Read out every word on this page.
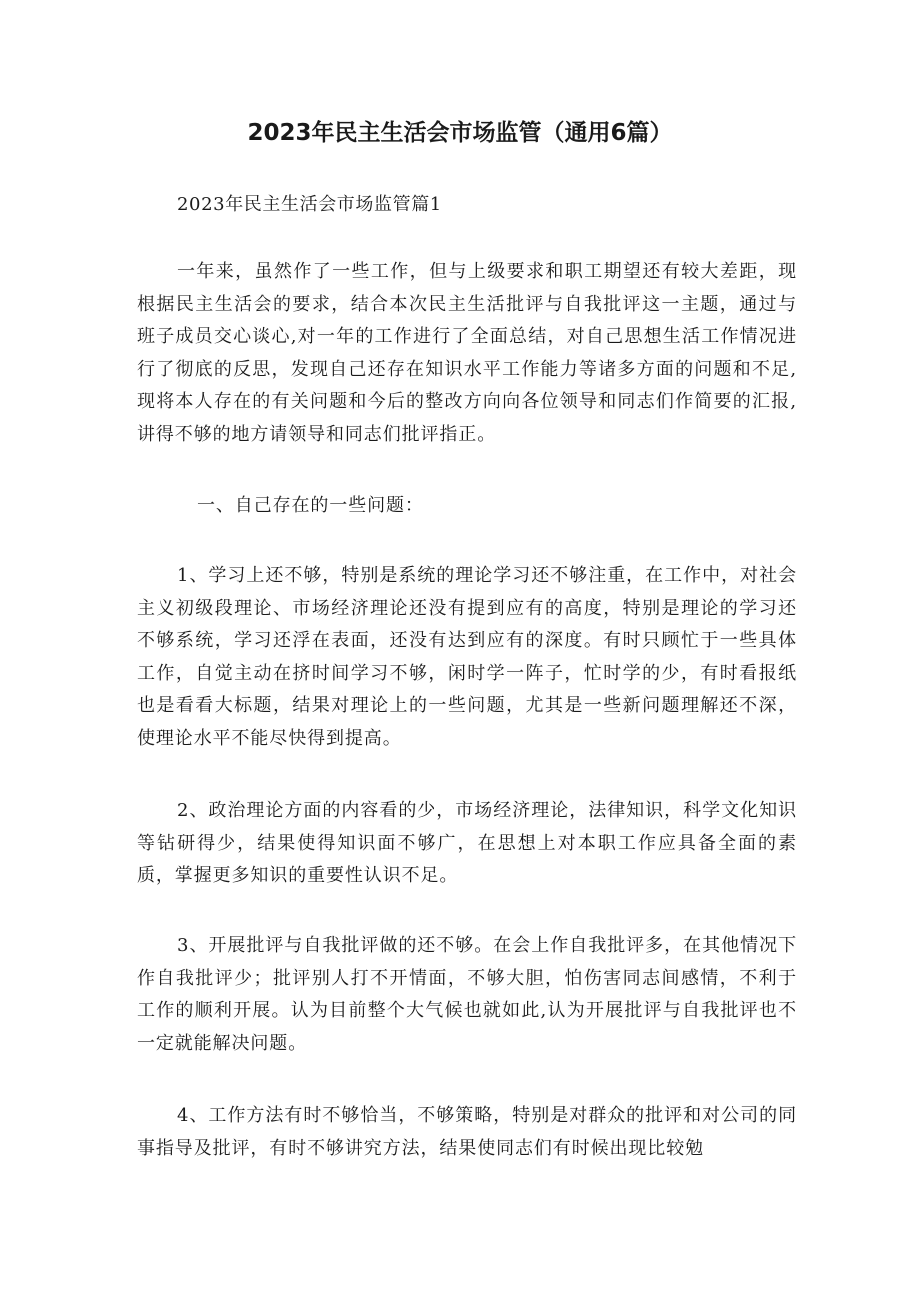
2023年民主生活会市场监管（通用6篇）

2023年民主生活会市场监管篇1

一年来，虽然作了一些工作，但与上级要求和职工期望还有较大差距，现根据民主生活会的要求，结合本次民主生活批评与自我批评这一主题，通过与班子成员交心谈心,对一年的工作进行了全面总结，对自己思想生活工作情况进行了彻底的反思，发现自己还存在知识水平工作能力等诸多方面的问题和不足,现将本人存在的有关问题和今后的整改方向向各位领导和同志们作简要的汇报,讲得不够的地方请领导和同志们批评指正。

一、自己存在的一些问题：

1、学习上还不够，特别是系统的理论学习还不够注重，在工作中，对社会主义初级段理论、市场经济理论还没有提到应有的高度，特别是理论的学习还不够系统，学习还浮在表面，还没有达到应有的深度。有时只顾忙于一些具体工作，自觉主动在挤时间学习不够，闲时学一阵子，忙时学的少，有时看报纸也是看看大标题，结果对理论上的一些问题，尤其是一些新问题理解还不深，使理论水平不能尽快得到提高。

2、政治理论方面的内容看的少，市场经济理论，法律知识，科学文化知识等钻研得少，结果使得知识面不够广，在思想上对本职工作应具备全面的素质，掌握更多知识的重要性认识不足。

3、开展批评与自我批评做的还不够。在会上作自我批评多，在其他情况下作自我批评少；批评别人打不开情面，不够大胆，怕伤害同志间感情，不利于工作的顺利开展。认为目前整个大气候也就如此,认为开展批评与自我批评也不一定就能解决问题。

4、工作方法有时不够恰当，不够策略，特别是对群众的批评和对公司的同事指导及批评，有时不够讲究方法，结果使同志们有时候出现比较勉
